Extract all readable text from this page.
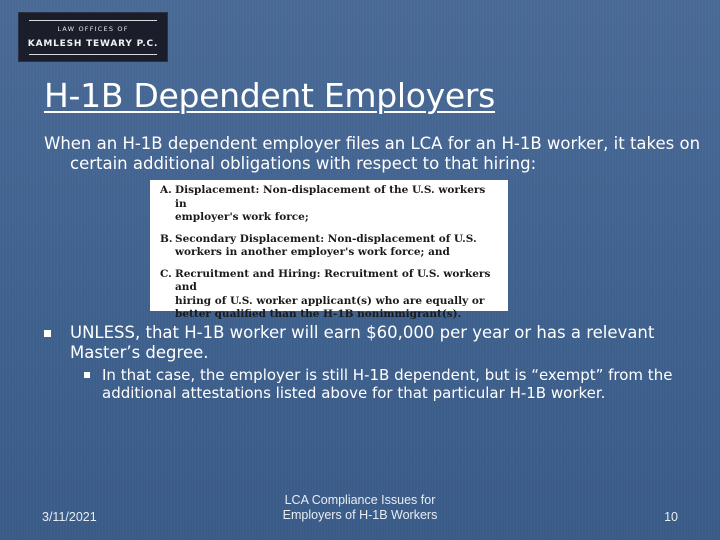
LAW OFFICES OF
KAMLESH TEWARY P.C.
H-1B Dependent Employers
When an H-1B dependent employer files an LCA for an H-1B worker, it takes on certain additional obligations with respect to that hiring:
A. Displacement: Non-displacement of the U.S. workers in
employer's work force;
B. Secondary Displacement: Non-displacement of U.S.
workers in another employer's work force; and
C. Recruitment and Hiring: Recruitment of U.S. workers and
hiring of U.S. worker applicant(s) who are equally or
better qualified than the H-1B nonimmigrant(s).
UNLESS, that H-1B worker will earn $60,000 per year or has a relevant Master’s degree.
In that case, the employer is still H-1B dependent, but is “exempt” from the additional attestations listed above for that particular H-1B worker.
3/11/2021
LCA Compliance Issues for
Employers of H-1B Workers	10
